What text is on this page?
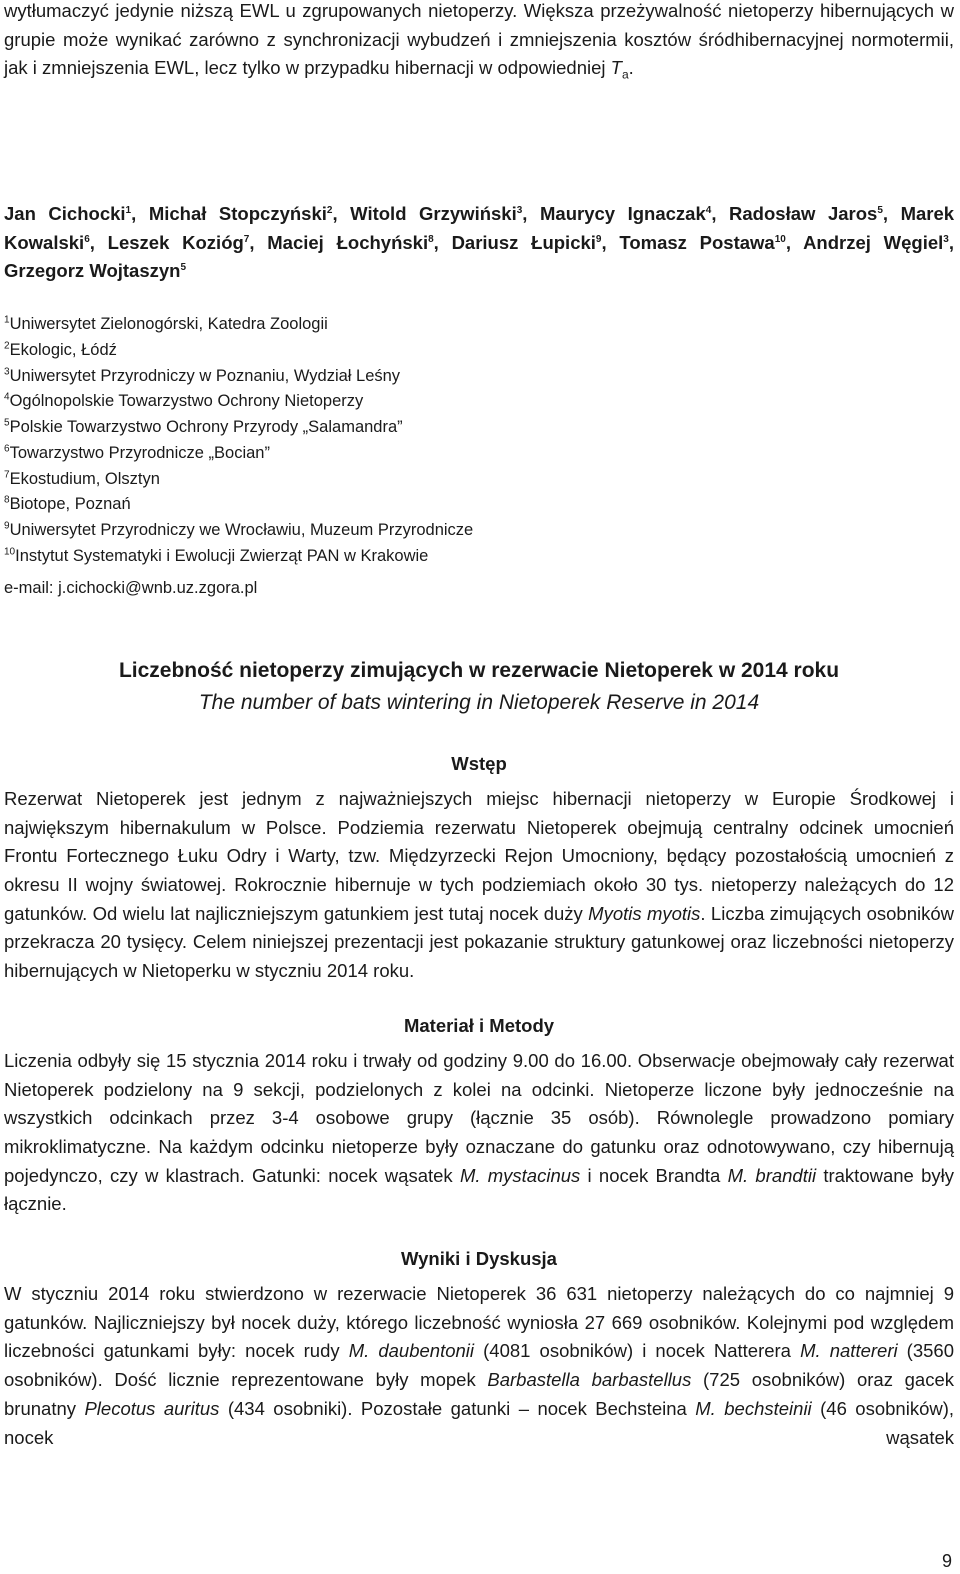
wytłumaczyć jedynie niższą EWL u zgrupowanych nietoperzy. Większa przeżywalność nietoperzy hibernujących w grupie może wynikać zarówno z synchronizacji wybudzeń i zmniejszenia kosztów śródhibernacyjnej normotermii, jak i zmniejszenia EWL, lecz tylko w przypadku hibernacji w odpowiedniej $T_a$.

Jan Cichocki$^1$, Michał Stopczyński$^2$, Witold Grzywiński$^3$, Maurycy Ignaczak$^4$, Radosław Jaros$^5$, Marek Kowalski$^6$, Leszek Kozióg$^7$, Maciej Łochyński$^8$, Dariusz Łupicki$^9$, Tomasz Postawa$^{10}$, Andrzej Węgiel$^3$, Grzegorz Wojtaszyn$^5$

$^1$Uniwersytet Zielonogórski, Katedra Zoologii
$^2$Ekologic, Łódź
$^3$Uniwersytet Przyrodniczy w Poznaniu, Wydział Leśny
$^4$Ogólnopolskie Towarzystwo Ochrony Nietoperzy
$^5$Polskie Towarzystwo Ochrony Przyrody „Salamandra”
$^6$Towarzystwo Przyrodnicze „Bocian”
$^7$Ekostudium, Olsztyn
$^8$Biotope, Poznań
$^9$Uniwersytet Przyrodniczy we Wrocławiu, Muzeum Przyrodnicze
$^{10}$Instytut Systematyki i Ewolucji Zwierząt PAN w Krakowie

e-mail: j.cichocki@wnb.uz.zgora.pl

Liczebność nietoperzy zimujących w rezerwacie Nietoperek w 2014 roku

The number of bats wintering in Nietoperek Reserve in 2014

Wstęp

Rezerwat Nietoperek jest jednym z najważniejszych miejsc hibernacji nietoperzy w Europie Środkowej i największym hibernakulum w Polsce. Podziemia rezerwatu Nietoperek obejmują centralny odcinek umocnień Frontu Fortecznego Łuku Odry i Warty, tzw. Międzyrzecki Rejon Umocniony, będący pozostałością umocnień z okresu II wojny światowej. Rokrocznie hibernuje w tych podziemiach około 30 tys. nietoperzy należących do 12 gatunków. Od wielu lat najliczniejszym gatunkiem jest tutaj nocek duży Myotis myotis. Liczba zimujących osobników przekracza 20 tysięcy. Celem niniejszej prezentacji jest pokazanie struktury gatunkowej oraz liczebności nietoperzy hibernujących w Nietoperku w styczniu 2014 roku.

Materiał i Metody

Liczenia odbyły się 15 stycznia 2014 roku i trwały od godziny 9.00 do 16.00. Obserwacje obejmowały cały rezerwat Nietoperek podzielony na 9 sekcji, podzielonych z kolei na odcinki. Nietoperze liczone były jednocześnie na wszystkich odcinkach przez 3-4 osobowe grupy (łącznie 35 osób). Równolegle prowadzono pomiary mikroklimatyczne. Na każdym odcinku nietoperze były oznaczane do gatunku oraz odnotowywano, czy hibernują pojedynczo, czy w klastrach. Gatunki: nocek wąsatek M. mystacinus i nocek Brandta M. brandtii traktowane były łącznie.

Wyniki i Dyskusja

W styczniu 2014 roku stwierdzono w rezerwacie Nietoperek 36 631 nietoperzy należących do co najmniej 9 gatunków. Najliczniejszy był nocek duży, którego liczebność wyniosła 27 669 osobników. Kolejnymi pod względem liczebności gatunkami były: nocek rudy M. daubentonii (4081 osobników) i nocek Natterera M. nattereri (3560 osobników). Dość licznie reprezentowane były mopek Barbastella barbastellus (725 osobników) oraz gacek brunatny Plecotus auritus (434 osobniki). Pozostałe gatunki – nocek Bechsteina M. bechsteinii (46 osobników), nocek wąsatek

9
